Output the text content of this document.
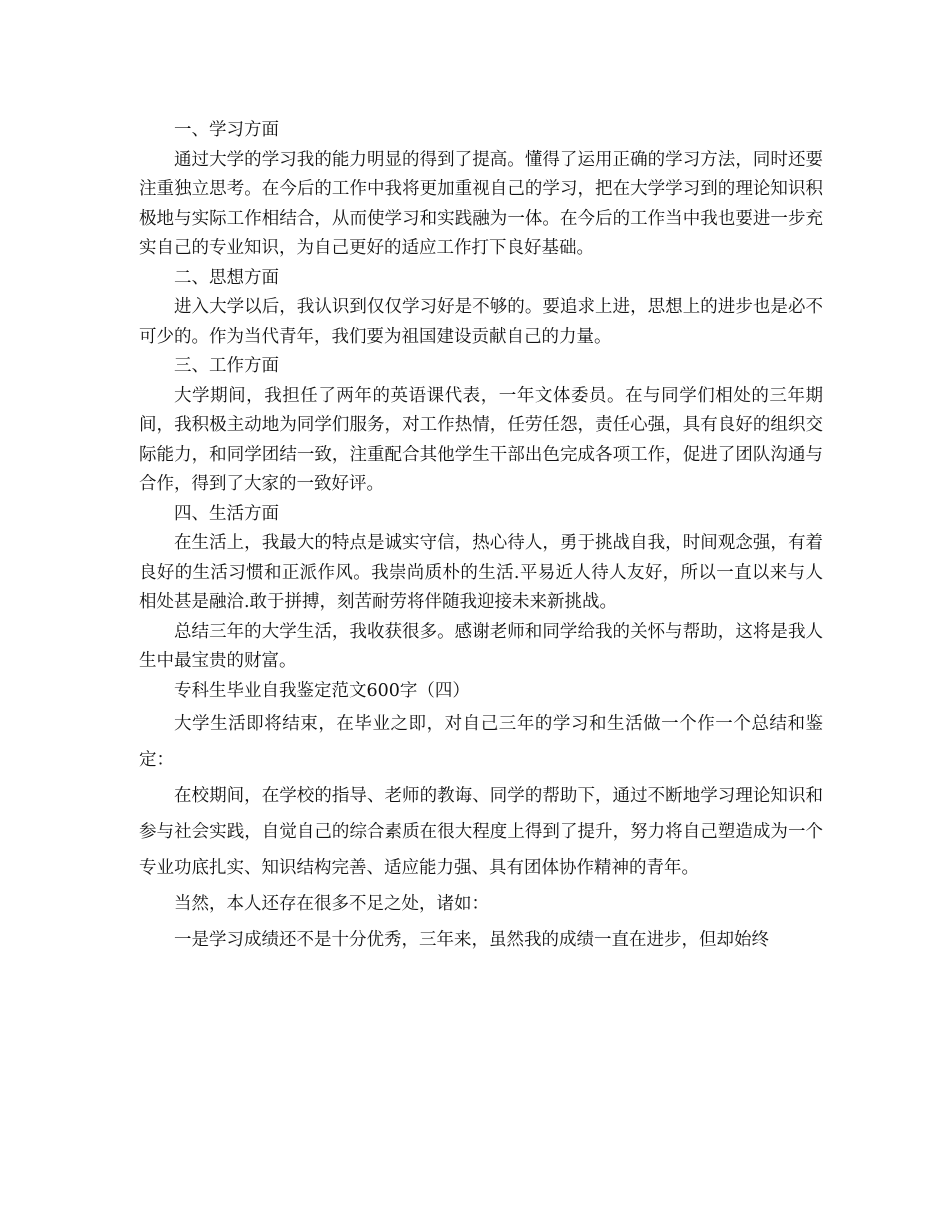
一、学习方面

通过大学的学习我的能力明显的得到了提高。懂得了运用正确的学习方法，同时还要注重独立思考。在今后的工作中我将更加重视自己的学习，把在大学学习到的理论知识积极地与实际工作相结合，从而使学习和实践融为一体。在今后的工作当中我也要进一步充实自己的专业知识，为自己更好的适应工作打下良好基础。

二、思想方面

进入大学以后，我认识到仅仅学习好是不够的。要追求上进，思想上的进步也是必不可少的。作为当代青年，我们要为祖国建设贡献自己的力量。

三、工作方面

大学期间，我担任了两年的英语课代表，一年文体委员。在与同学们相处的三年期间，我积极主动地为同学们服务，对工作热情，任劳任怨，责任心强，具有良好的组织交际能力，和同学团结一致，注重配合其他学生干部出色完成各项工作，促进了团队沟通与合作，得到了大家的一致好评。

四、生活方面

在生活上，我最大的特点是诚实守信，热心待人，勇于挑战自我，时间观念强，有着良好的生活习惯和正派作风。我崇尚质朴的生活.平易近人待人友好，所以一直以来与人相处甚是融洽.敢于拼搏，刻苦耐劳将伴随我迎接未来新挑战。

总结三年的大学生活，我收获很多。感谢老师和同学给我的关怀与帮助，这将是我人生中最宝贵的财富。

专科生毕业自我鉴定范文600字（四）

大学生活即将结束，在毕业之即，对自己三年的学习和生活做一个作一个总结和鉴定：

在校期间，在学校的指导、老师的教诲、同学的帮助下，通过不断地学习理论知识和参与社会实践，自觉自己的综合素质在很大程度上得到了提升，努力将自己塑造成为一个专业功底扎实、知识结构完善、适应能力强、具有团体协作精神的青年。

当然，本人还存在很多不足之处，诸如：

一是学习成绩还不是十分优秀，三年来，虽然我的成绩一直在进步，但却始终
